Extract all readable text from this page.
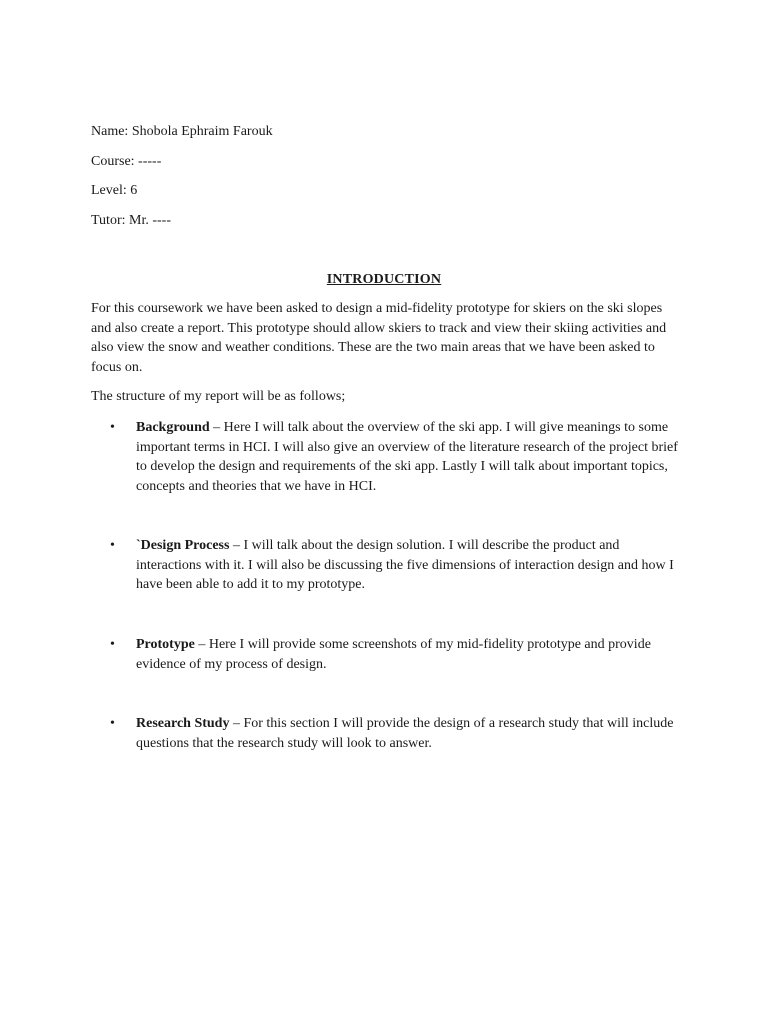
Name: Shobola Ephraim Farouk
Course: -----
Level: 6
Tutor: Mr. ----
INTRODUCTION
For this coursework we have been asked to design a mid-fidelity prototype for skiers on the ski slopes and also create a report. This prototype should allow skiers to track and view their skiing activities and also view the snow and weather conditions. These are the two main areas that we have been asked to focus on.
The structure of my report will be as follows;
• Background – Here I will talk about the overview of the ski app. I will give meanings to some important terms in HCI. I will also give an overview of the literature research of the project brief to develop the design and requirements of the ski app. Lastly I will talk about important topics, concepts and theories that we have in HCI.
• `Design Process – I will talk about the design solution. I will describe the product and interactions with it. I will also be discussing the five dimensions of interaction design and how I have been able to add it to my prototype.
• Prototype – Here I will provide some screenshots of my mid-fidelity prototype and provide evidence of my process of design.
• Research Study – For this section I will provide the design of a research study that will include questions that the research study will look to answer.
